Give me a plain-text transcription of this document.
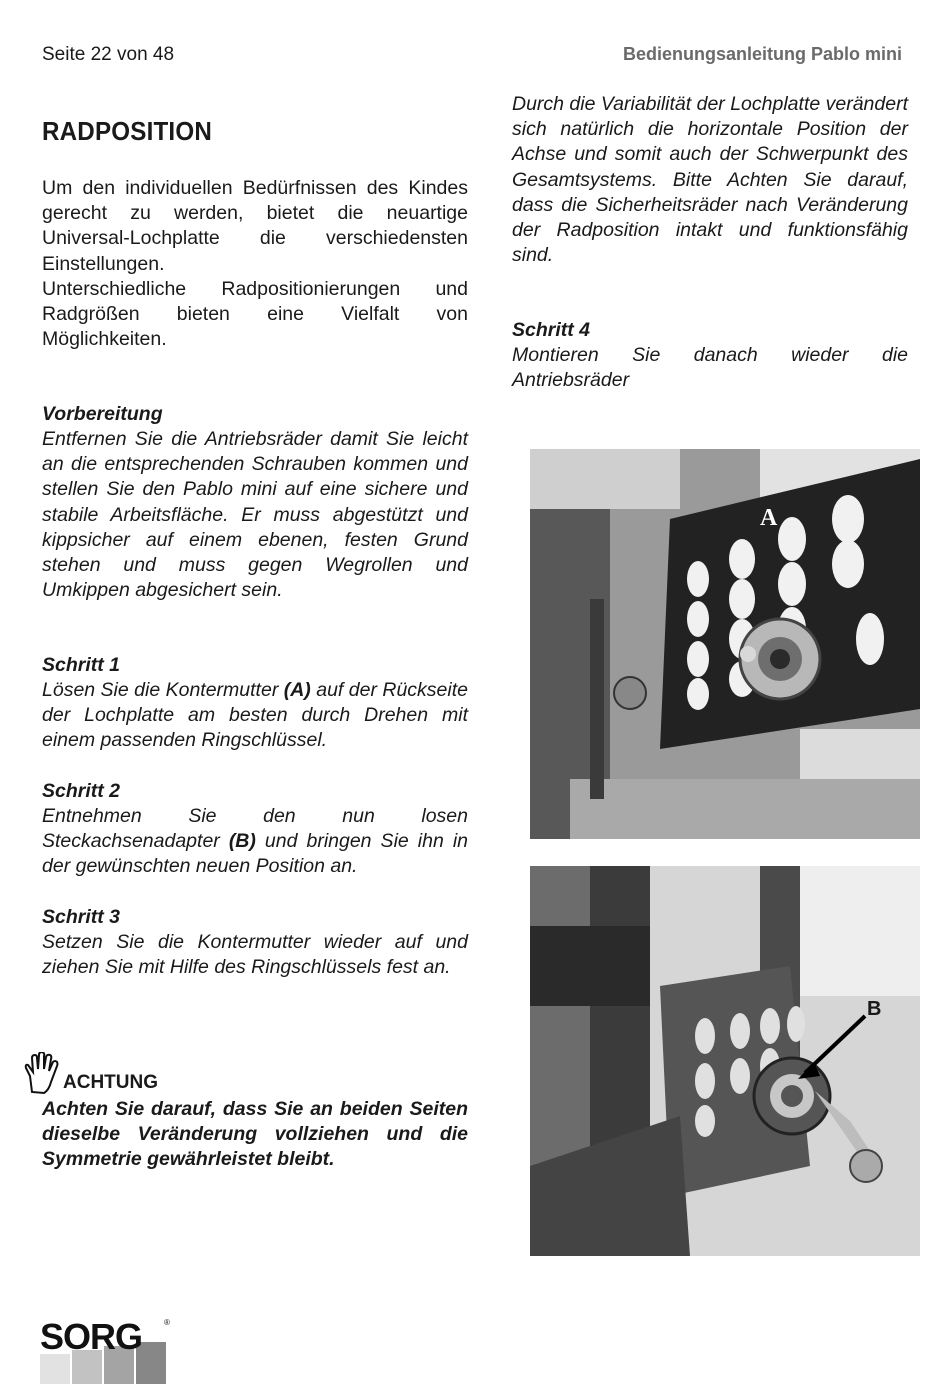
Seite 22 von 48	Bedienungsanleitung Pablo mini
RADPOSITION

Um den individuellen Bedürfnissen des Kindes gerecht zu werden, bietet die neuartige Universal-Lochplatte die verschiedensten Einstellungen.

Unterschiedliche Radpositionierungen und Radgrößen bieten eine Vielfalt von Möglichkeiten.

Vorbereitung

Entfernen Sie die Antriebsräder damit Sie leicht an die entsprechenden Schrauben kommen und stellen Sie den Pablo mini auf eine sichere und stabile Arbeitsfläche. Er muss abgestützt und kippsicher auf einem ebenen, festen Grund stehen und muss gegen Wegrollen und Umkippen abgesichert sein.

Schritt 1

Lösen Sie die Kontermutter (A) auf der Rückseite der Lochplatte am besten durch Drehen mit einem passenden Ringschlüssel.

Schritt 2

Entnehmen Sie den nun losen Steckachsenadapter (B) und bringen Sie ihn in der gewünschten neuen Position an.

Schritt 3

Setzen Sie die Kontermutter wieder auf und ziehen Sie mit Hilfe des Ringschlüssels fest an.

ACHTUNG

Achten Sie darauf, dass Sie an beiden Seiten dieselbe Veränderung vollziehen und die Symmetrie gewährleistet bleibt.

Durch die Variabilität der Lochplatte verändert sich natürlich die horizontale Position der Achse und somit auch der Schwerpunkt des Gesamtsystems. Bitte Achten Sie darauf, dass die Sicherheitsräder nach Veränderung der Radposition intakt und funktionsfähig sind.

Schritt 4

Montieren Sie danach wieder die Antriebsräder

A
B
SORG	®
